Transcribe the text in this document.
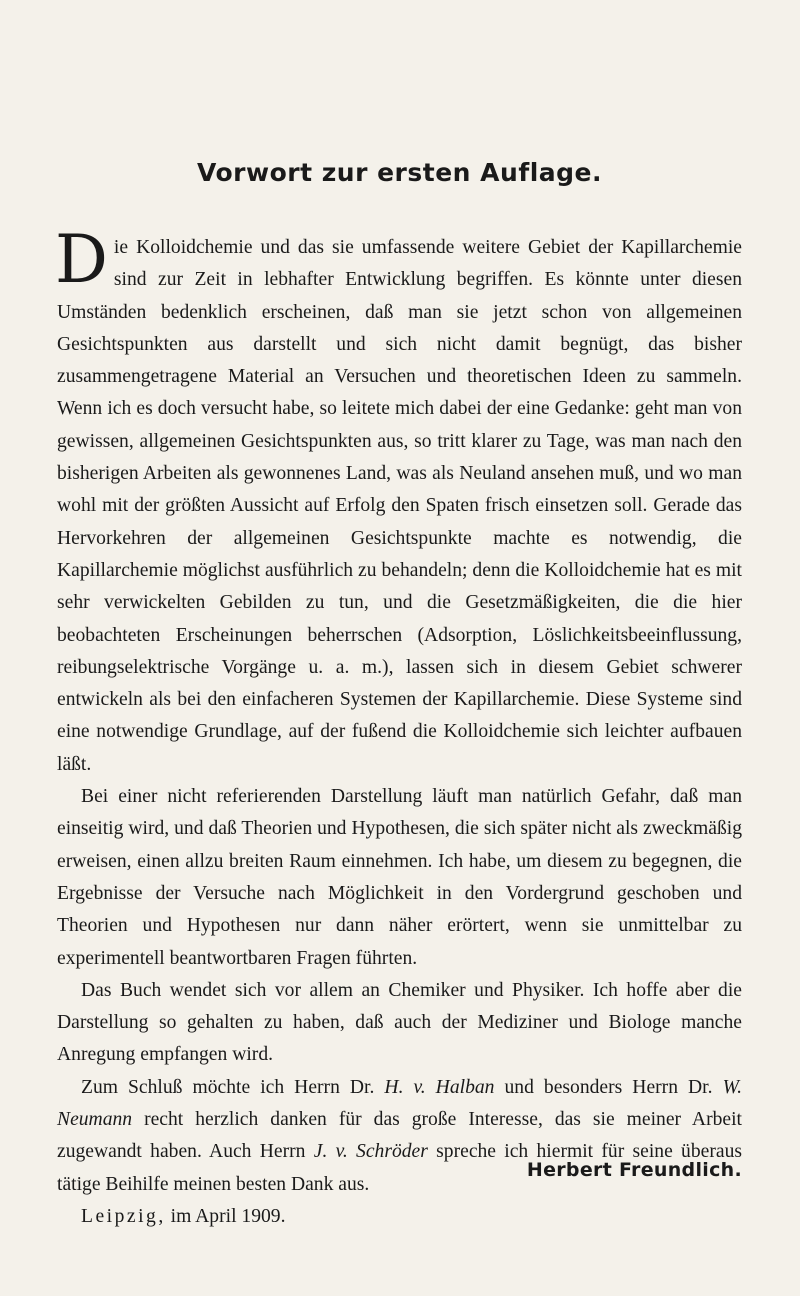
Vorwort zur ersten Auflage.

Die Kolloidchemie und das sie umfassende weitere Gebiet der Kapillarchemie sind zur Zeit in lebhafter Entwicklung begriffen. Es könnte unter diesen Umständen bedenklich erscheinen, daß man sie jetzt schon von allgemeinen Gesichtspunkten aus darstellt und sich nicht damit begnügt, das bisher zusammengetragene Material an Versuchen und theoretischen Ideen zu sammeln. Wenn ich es doch versucht habe, so leitete mich dabei der eine Gedanke: geht man von gewissen, allgemeinen Gesichtspunkten aus, so tritt klarer zu Tage, was man nach den bisherigen Arbeiten als gewonnenes Land, was als Neuland ansehen muß, und wo man wohl mit der größten Aussicht auf Erfolg den Spaten frisch einsetzen soll. Gerade das Hervorkehren der allgemeinen Gesichtspunkte machte es notwendig, die Kapillarchemie möglichst ausführlich zu behandeln; denn die Kolloidchemie hat es mit sehr verwickelten Gebilden zu tun, und die Gesetzmäßigkeiten, die die hier beobachteten Erscheinungen beherrschen (Adsorption, Löslichkeitsbeeinflussung, reibungselektrische Vorgänge u. a. m.), lassen sich in diesem Gebiet schwerer entwickeln als bei den einfacheren Systemen der Kapillarchemie. Diese Systeme sind eine notwendige Grundlage, auf der fußend die Kolloidchemie sich leichter aufbauen läßt.

Bei einer nicht referierenden Darstellung läuft man natürlich Gefahr, daß man einseitig wird, und daß Theorien und Hypothesen, die sich später nicht als zweckmäßig erweisen, einen allzu breiten Raum einnehmen. Ich habe, um diesem zu begegnen, die Ergebnisse der Versuche nach Möglichkeit in den Vordergrund geschoben und Theorien und Hypothesen nur dann näher erörtert, wenn sie unmittelbar zu experimentell beantwortbaren Fragen führten.

Das Buch wendet sich vor allem an Chemiker und Physiker. Ich hoffe aber die Darstellung so gehalten zu haben, daß auch der Mediziner und Biologe manche Anregung empfangen wird.

Zum Schluß möchte ich Herrn Dr. H. v. Halban und besonders Herrn Dr. W. Neumann recht herzlich danken für das große Interesse, das sie meiner Arbeit zugewandt haben. Auch Herrn J. v. Schröder spreche ich hiermit für seine überaus tätige Beihilfe meinen besten Dank aus.

Leipzig, im April 1909.

Herbert Freundlich.
